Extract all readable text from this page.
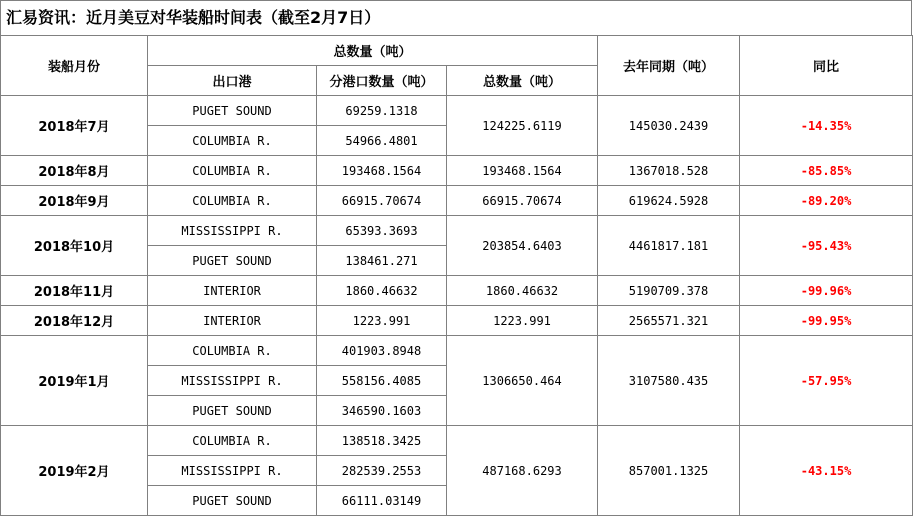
汇易资讯：近月美豆对华装船时间表（截至2月7日）
装船月份	总数量（吨）			去年同期（吨）	同比
	出口港	分港口数量（吨）	总数量（吨）		
2018年7月	PUGET SOUND	69259.1318	124225.6119	145030.2439	-14.35%
	COLUMBIA R.	54966.4801			
2018年8月	COLUMBIA R.	193468.1564	193468.1564	1367018.528	-85.85%
2018年9月	COLUMBIA R.	66915.70674	66915.70674	619624.5928	-89.20%
2018年10月	MISSISSIPPI R.	65393.3693	203854.6403	4461817.181	-95.43%
	PUGET SOUND	138461.271			
2018年11月	INTERIOR	1860.46632	1860.46632	5190709.378	-99.96%
2018年12月	INTERIOR	1223.991	1223.991	2565571.321	-99.95%
2019年1月	COLUMBIA R.	401903.8948	1306650.464	3107580.435	-57.95%
	MISSISSIPPI R.	558156.4085			
	PUGET SOUND	346590.1603			
2019年2月	COLUMBIA R.	138518.3425	487168.6293	857001.1325	-43.15%
	MISSISSIPPI R.	282539.2553			
	PUGET SOUND	66111.03149			
